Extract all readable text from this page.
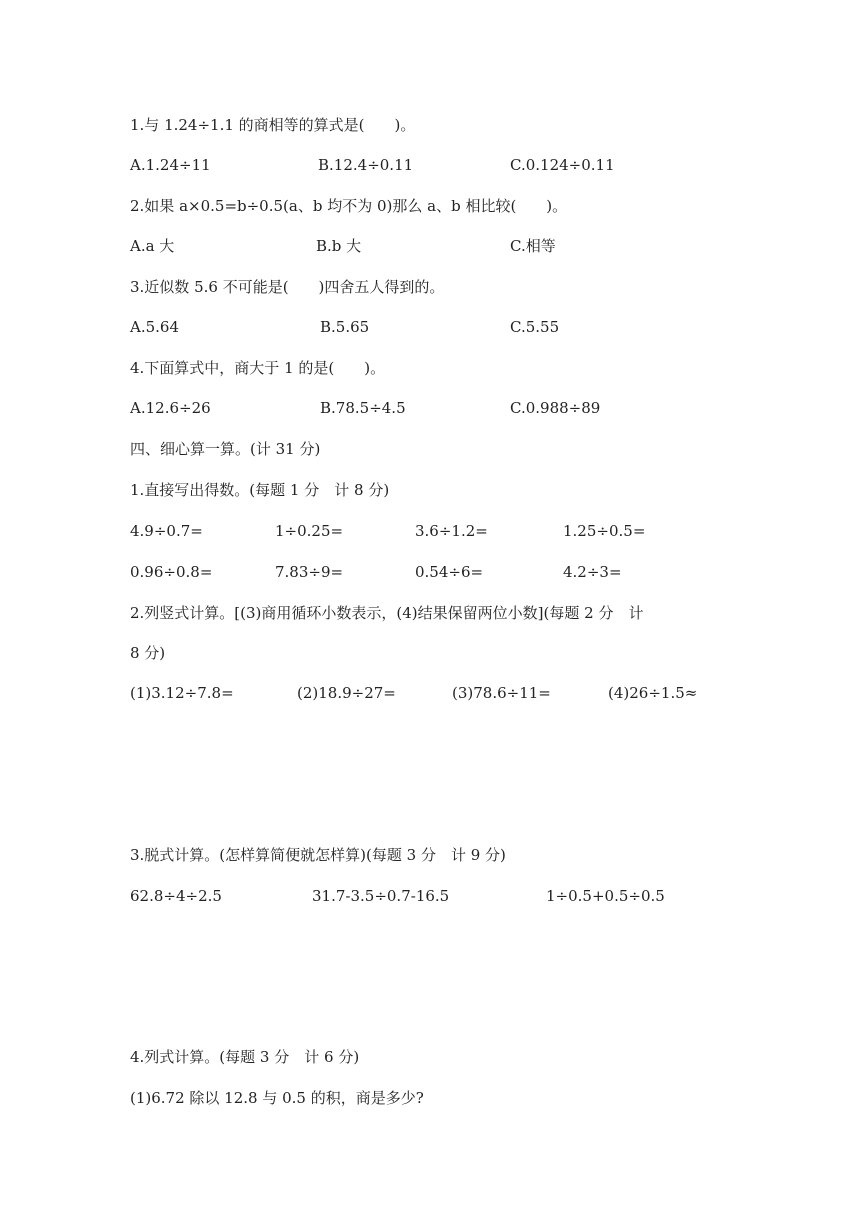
1.与 1.24÷1.1 的商相等的算式是(　　)。
A.1.24÷11	B.12.4÷0.11	C.0.124÷0.11
2.如果 a×0.5=b÷0.5(a、b 均不为 0)那么 a、b 相比较(　　)。
A.a 大	B.b 大	C.相等
3.近似数 5.6 不可能是(　　)四舍五人得到的。
A.5.64	B.5.65	C.5.55
4.下面算式中，商大于 1 的是(　　)。
A.12.6÷26	B.78.5÷4.5	C.0.988÷89
四、细心算一算。(计 31 分)
1.直接写出得数。(每题 1 分　计 8 分)
4.9÷0.7=	1÷0.25=	3.6÷1.2=	1.25÷0.5=
0.96÷0.8=	7.83÷9=	0.54÷6=	4.2÷3=
2.列竖式计算。[(3)商用循环小数表示，(4)结果保留两位小数](每题 2 分　计
8 分)
(1)3.12÷7.8=	(2)18.9÷27=	(3)78.6÷11=	(4)26÷1.5≈
3.脱式计算。(怎样算简便就怎样算)(每题 3 分　计 9 分)
62.8÷4÷2.5	31.7-3.5÷0.7-16.5	1÷0.5+0.5÷0.5
4.列式计算。(每题 3 分　计 6 分)
(1)6.72 除以 12.8 与 0.5 的积，商是多少?
